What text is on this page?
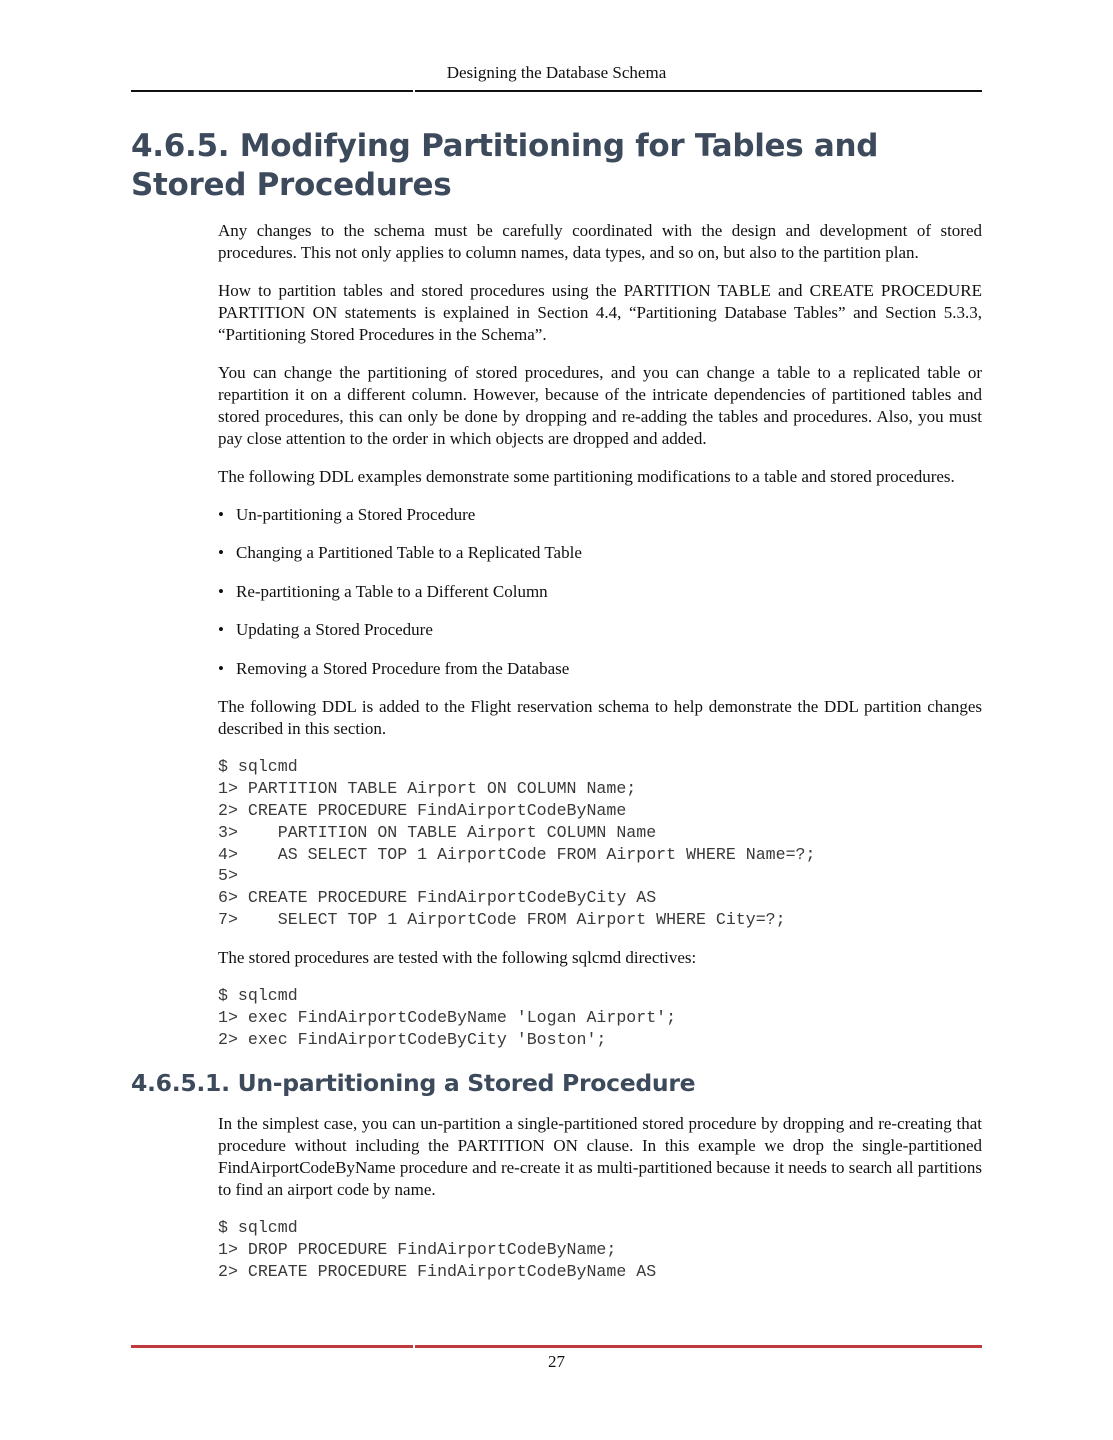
Designing the Database Schema
4.6.5. Modifying Partitioning for Tables and Stored Procedures

Any changes to the schema must be carefully coordinated with the design and development of stored procedures. This not only applies to column names, data types, and so on, but also to the partition plan.

How to partition tables and stored procedures using the PARTITION TABLE and CREATE PROCEDURE PARTITION ON statements is explained in Section 4.4, “Partitioning Database Tables” and Section 5.3.3, “Partitioning Stored Procedures in the Schema”.

You can change the partitioning of stored procedures, and you can change a table to a replicated table or repartition it on a different column. However, because of the intricate dependencies of partitioned tables and stored procedures, this can only be done by dropping and re-adding the tables and procedures. Also, you must pay close attention to the order in which objects are dropped and added.

The following DDL examples demonstrate some partitioning modifications to a table and stored procedures.

• Un-partitioning a Stored Procedure
• Changing a Partitioned Table to a Replicated Table
• Re-partitioning a Table to a Different Column
• Updating a Stored Procedure
• Removing a Stored Procedure from the Database

The following DDL is added to the Flight reservation schema to help demonstrate the DDL partition changes described in this section.

$ sqlcmd
1> PARTITION TABLE Airport ON COLUMN Name;
2> CREATE PROCEDURE FindAirportCodeByName
3>    PARTITION ON TABLE Airport COLUMN Name
4>    AS SELECT TOP 1 AirportCode FROM Airport WHERE Name=?;
5>
6> CREATE PROCEDURE FindAirportCodeByCity AS
7>    SELECT TOP 1 AirportCode FROM Airport WHERE City=?;

The stored procedures are tested with the following sqlcmd directives:

$ sqlcmd
1> exec FindAirportCodeByName 'Logan Airport';
2> exec FindAirportCodeByCity 'Boston';
4.6.5.1. Un-partitioning a Stored Procedure

In the simplest case, you can un-partition a single-partitioned stored procedure by dropping and re-creating that procedure without including the PARTITION ON clause. In this example we drop the single-partitioned FindAirportCodeByName procedure and re-create it as multi-partitioned because it needs to search all partitions to find an airport code by name.

$ sqlcmd
1> DROP PROCEDURE FindAirportCodeByName;
2> CREATE PROCEDURE FindAirportCodeByName AS
27
